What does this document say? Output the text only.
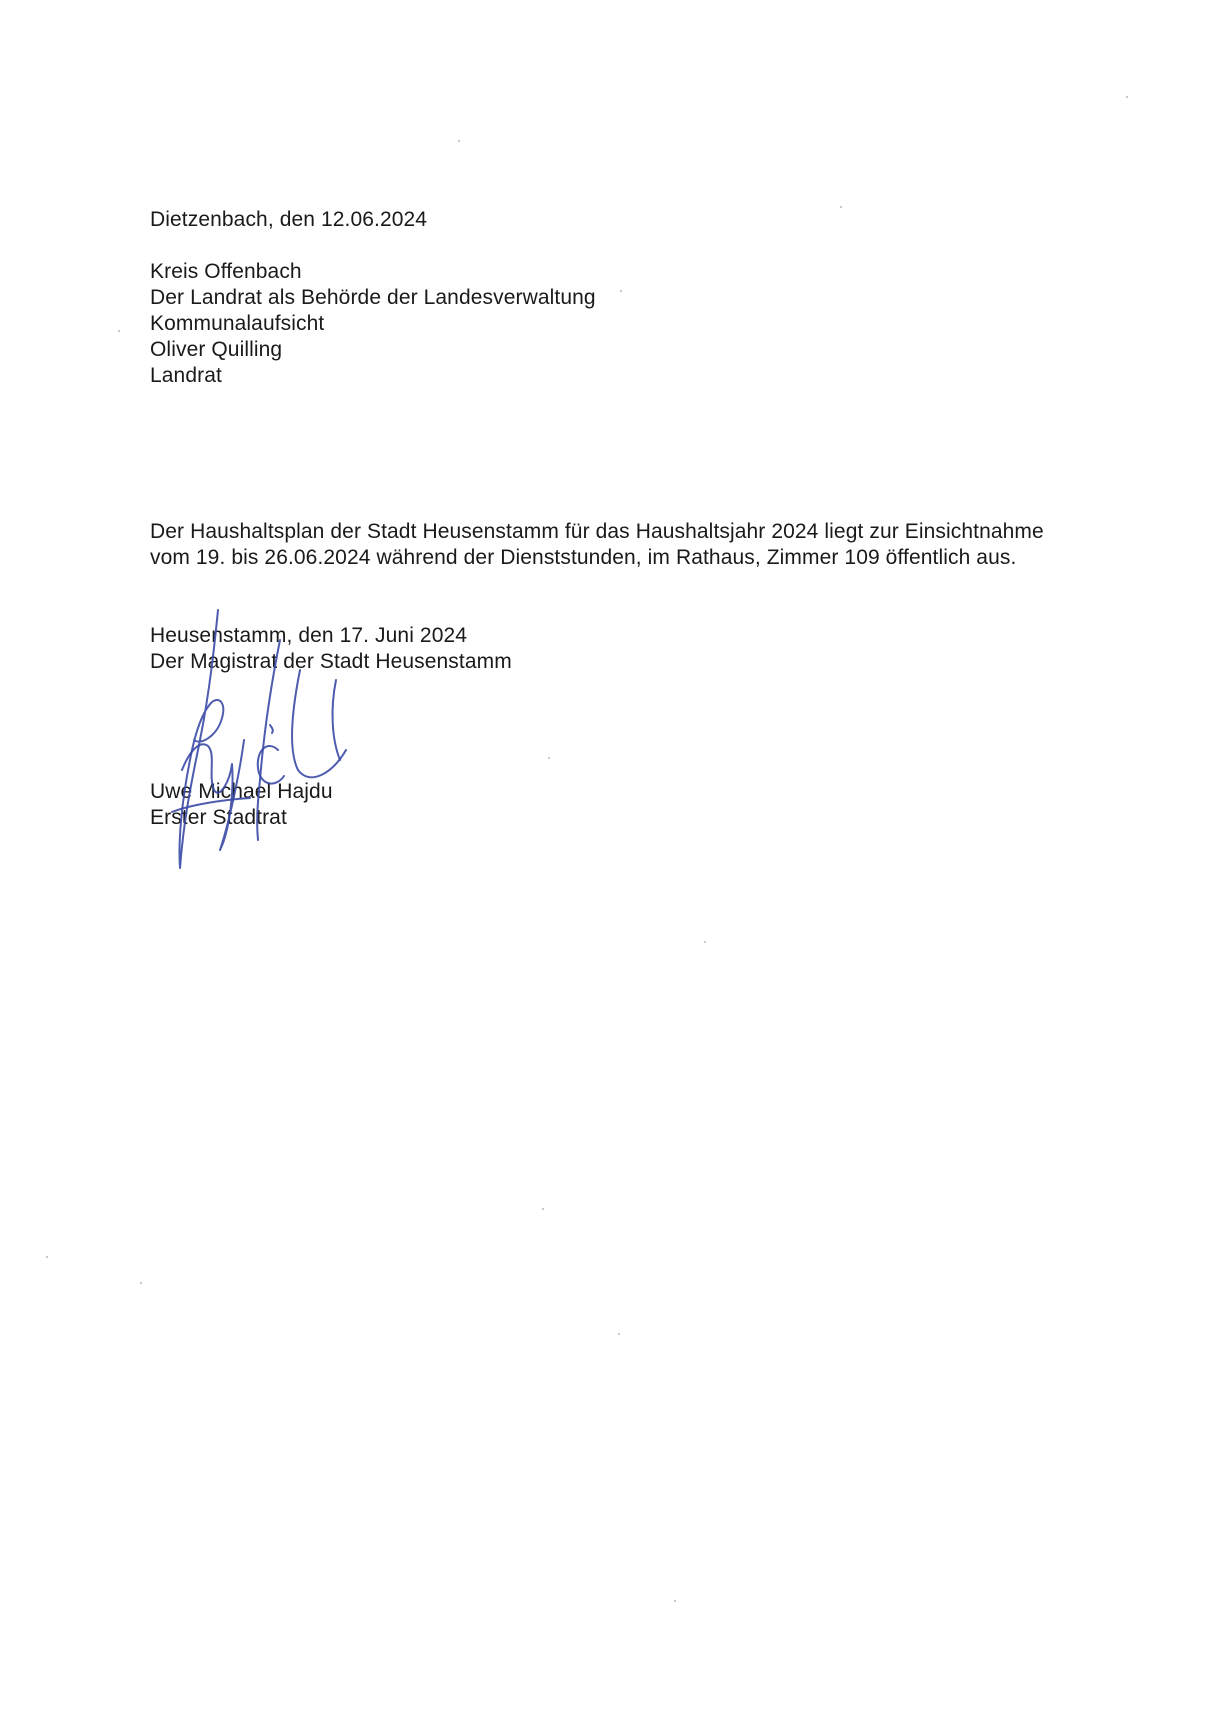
Dietzenbach, den 12.06.2024
Kreis Offenbach
Der Landrat als Behörde der Landesverwaltung
Kommunalaufsicht
Oliver Quilling
Landrat
Der Haushaltsplan der Stadt Heusenstamm für das Haushaltsjahr 2024 liegt zur Einsichtnahme
vom 19. bis 26.06.2024 während der Dienststunden, im Rathaus, Zimmer 109 öffentlich aus.
Heusenstamm, den 17. Juni 2024
Der Magistrat der Stadt Heusenstamm
Uwe Michael Hajdu
Erster Stadtrat
